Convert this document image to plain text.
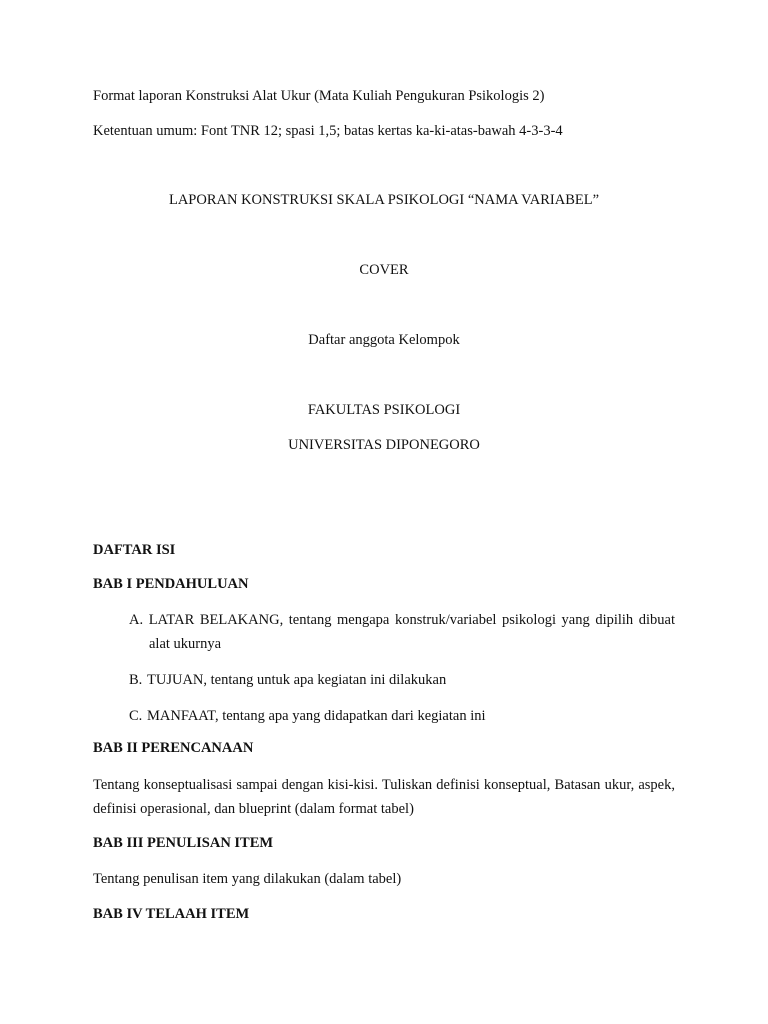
Format laporan Konstruksi Alat Ukur (Mata Kuliah Pengukuran Psikologis 2)
Ketentuan umum: Font TNR 12; spasi 1,5; batas kertas ka-ki-atas-bawah 4-3-3-4
LAPORAN KONSTRUKSI SKALA PSIKOLOGI “NAMA VARIABEL”
COVER
Daftar anggota Kelompok
FAKULTAS PSIKOLOGI
UNIVERSITAS DIPONEGORO
DAFTAR ISI
BAB I PENDAHULUAN
A. LATAR BELAKANG, tentang mengapa konstruk/variabel psikologi yang dipilih dibuat alat ukurnya
B. TUJUAN, tentang untuk apa kegiatan ini dilakukan
C. MANFAAT, tentang apa yang didapatkan dari kegiatan ini
BAB II PERENCANAAN
Tentang konseptualisasi sampai dengan kisi-kisi. Tuliskan definisi konseptual, Batasan ukur, aspek, definisi operasional, dan blueprint (dalam format tabel)
BAB III PENULISAN ITEM
Tentang penulisan item yang dilakukan (dalam tabel)
BAB IV TELAAH ITEM
